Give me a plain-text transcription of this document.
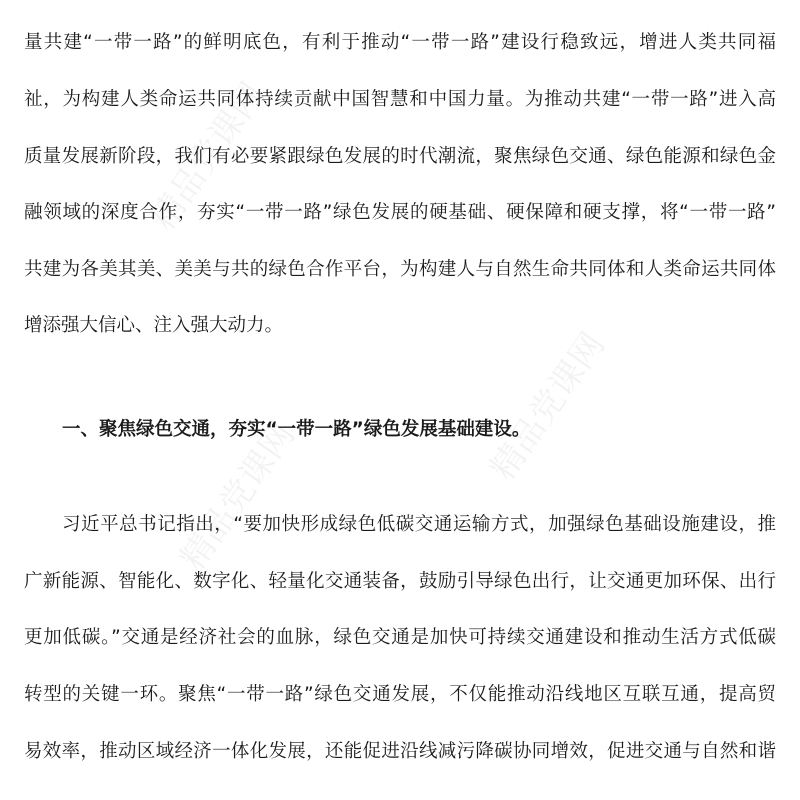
精品党课网
精品党课网
精品党课网
量共建“一带一路”的鲜明底色，有利于推动“一带一路”建设行稳致远，增进人类共同福
祉，为构建人类命运共同体持续贡献中国智慧和中国力量。为推动共建“一带一路”进入高
质量发展新阶段，我们有必要紧跟绿色发展的时代潮流，聚焦绿色交通、绿色能源和绿色金
融领域的深度合作，夯实“一带一路”绿色发展的硬基础、硬保障和硬支撑，将“一带一路”
共建为各美其美、美美与共的绿色合作平台，为构建人与自然生命共同体和人类命运共同体
增添强大信心、注入强大动力。
一、聚焦绿色交通，夯实“一带一路”绿色发展基础建设。
习近平总书记指出，“要加快形成绿色低碳交通运输方式，加强绿色基础设施建设，推
广新能源、智能化、数字化、轻量化交通装备，鼓励引导绿色出行，让交通更加环保、出行
更加低碳。”交通是经济社会的血脉，绿色交通是加快可持续交通建设和推动生活方式低碳
转型的关键一环。聚焦“一带一路”绿色交通发展，不仅能推动沿线地区互联互通，提高贸
易效率，推动区域经济一体化发展，还能促进沿线减污降碳协同增效，促进交通与自然和谐
